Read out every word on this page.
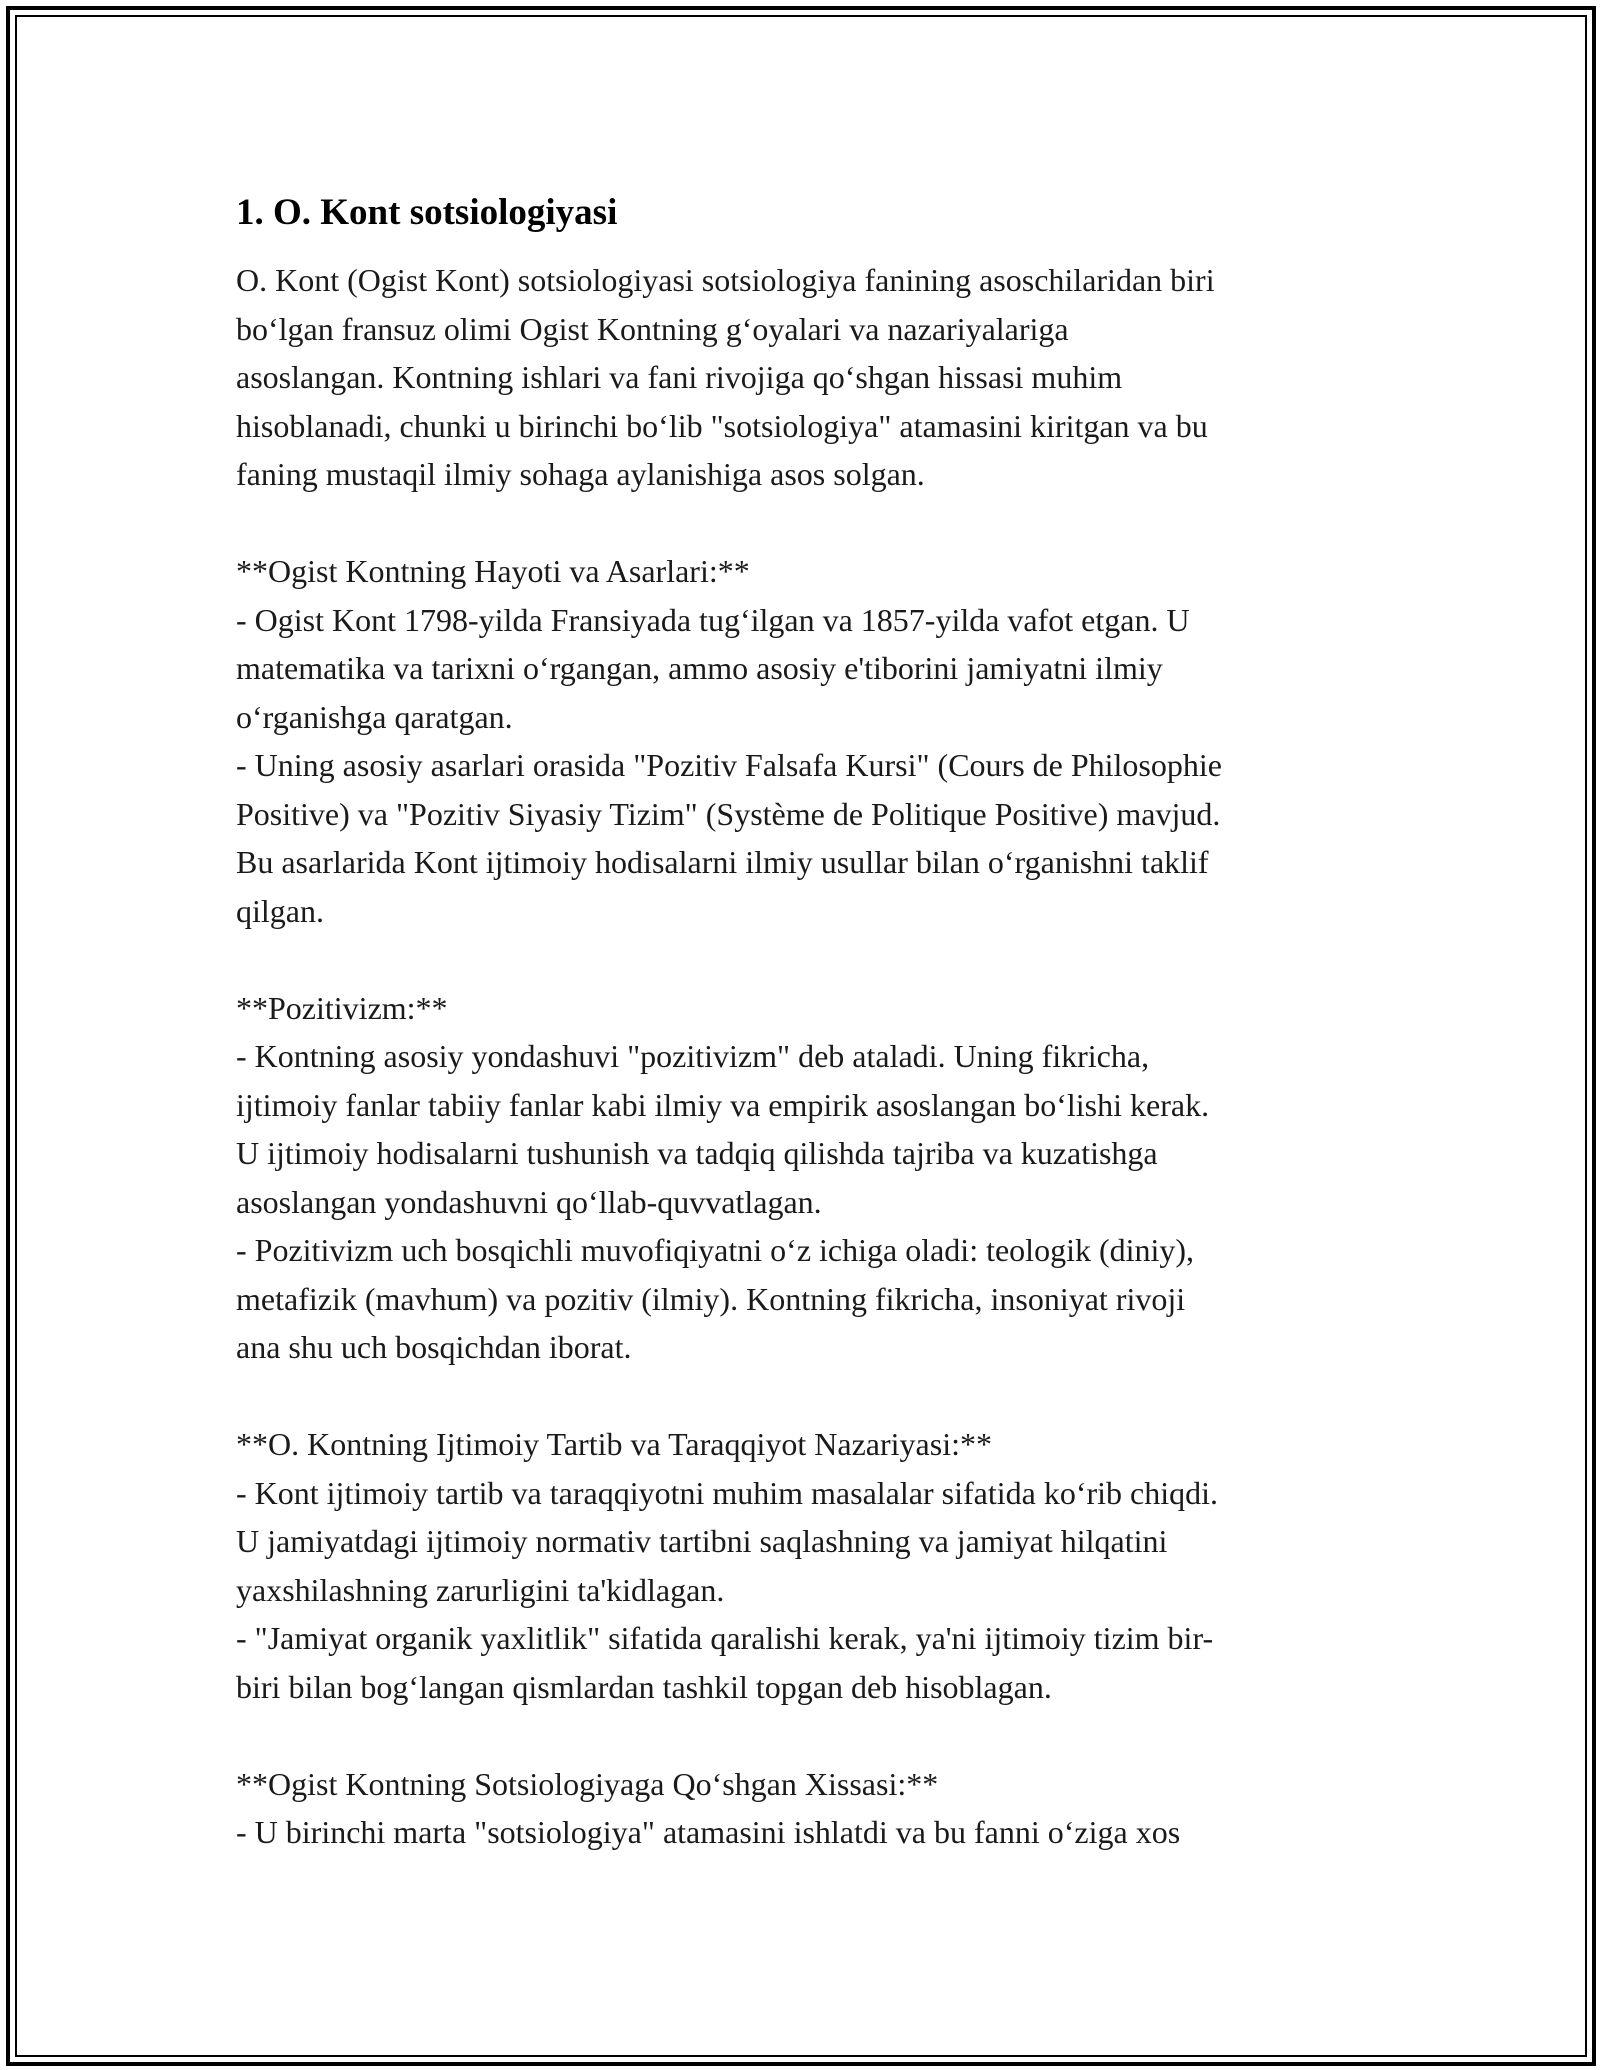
1. O. Kont sotsiologiyasi

O. Kont (Ogist Kont) sotsiologiyasi sotsiologiya fanining asoschilaridan biri
bo‘lgan fransuz olimi Ogist Kontning g‘oyalari va nazariyalariga
asoslangan. Kontning ishlari va fani rivojiga qo‘shgan hissasi muhim
hisoblanadi, chunki u birinchi bo‘lib "sotsiologiya" atamasini kiritgan va bu
faning mustaqil ilmiy sohaga aylanishiga asos solgan.

**Ogist Kontning Hayoti va Asarlari:**
- Ogist Kont 1798-yilda Fransiyada tug‘ilgan va 1857-yilda vafot etgan. U
matematika va tarixni o‘rgangan, ammo asosiy e'tiborini jamiyatni ilmiy
o‘rganishga qaratgan.
- Uning asosiy asarlari orasida "Pozitiv Falsafa Kursi" (Cours de Philosophie
Positive) va "Pozitiv Siyasiy Tizim" (Système de Politique Positive) mavjud.
Bu asarlarida Kont ijtimoiy hodisalarni ilmiy usullar bilan o‘rganishni taklif
qilgan.

**Pozitivizm:**
- Kontning asosiy yondashuvi "pozitivizm" deb ataladi. Uning fikricha,
ijtimoiy fanlar tabiiy fanlar kabi ilmiy va empirik asoslangan bo‘lishi kerak.
U ijtimoiy hodisalarni tushunish va tadqiq qilishda tajriba va kuzatishga
asoslangan yondashuvni qo‘llab-quvvatlagan.
- Pozitivizm uch bosqichli muvofiqiyatni o‘z ichiga oladi: teologik (diniy),
metafizik (mavhum) va pozitiv (ilmiy). Kontning fikricha, insoniyat rivoji
ana shu uch bosqichdan iborat.

**O. Kontning Ijtimoiy Tartib va Taraqqiyot Nazariyasi:**
- Kont ijtimoiy tartib va taraqqiyotni muhim masalalar sifatida ko‘rib chiqdi.
U jamiyatdagi ijtimoiy normativ tartibni saqlashning va jamiyat hilqatini
yaxshilashning zarurligini ta'kidlagan.
- "Jamiyat organik yaxlitlik" sifatida qaralishi kerak, ya'ni ijtimoiy tizim bir-
biri bilan bog‘langan qismlardan tashkil topgan deb hisoblagan.

**Ogist Kontning Sotsiologiyaga Qo‘shgan Xissasi:**
- U birinchi marta "sotsiologiya" atamasini ishlatdi va bu fanni o‘ziga xos
